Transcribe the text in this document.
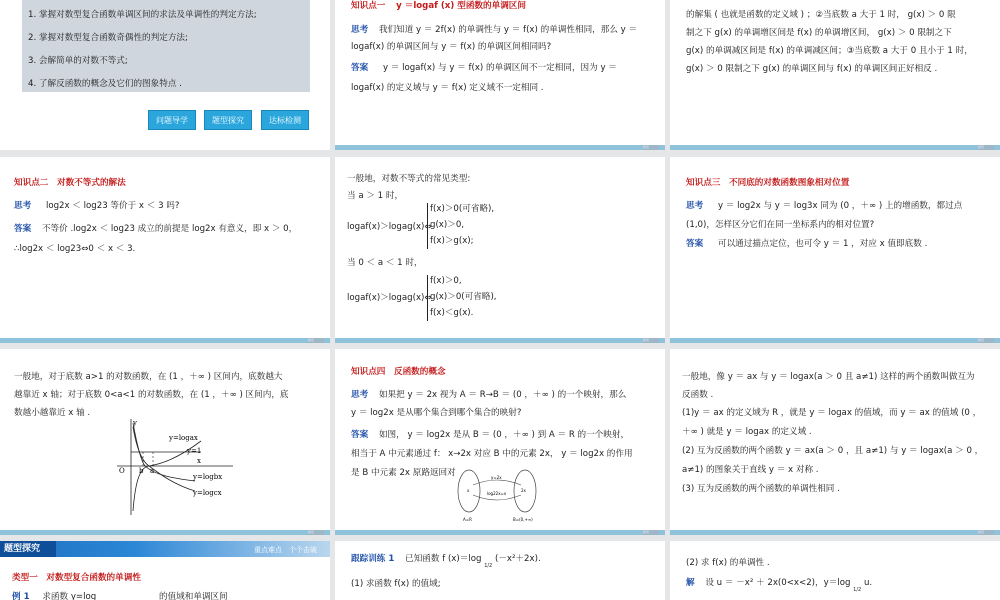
1. 掌握对数型复合函数单调区间的求法及单调性的判定方法;
2. 掌握对数型复合函数奇偶性的判定方法;
3. 会解简单的对数不等式;
4. 了解反函数的概念及它们的图象特点 .
问题导学	题型探究	达标检测
知识点一 y ＝logaf (x) 型函数的单调区间
思考 我们知道 y ＝ 2f(x) 的单调性与 y ＝ f(x) 的单调性相同，那么 y ＝
logaf(x) 的单调区间与 y ＝ f(x) 的单调区间相同吗?
答案 y ＝ logaf(x) 与 y ＝ f(x) 的单调区间不一定相同，因为 y ＝
logaf(x) 的定义域与 y ＝ f(x) 定义域不一定相同 .
首页
的解集 ( 也就是函数的定义域 ) ；②当底数 a 大于 1 时， g(x) ＞ 0 限
制之下 g(x) 的单调增区间是 f(x) 的单调增区间， g(x) ＞ 0 限制之下
g(x) 的单调减区间是 f(x) 的单调减区间；③当底数 a 大于 0 且小于 1 时，
g(x) ＞ 0 限制之下 g(x) 的单调区间与 f(x) 的单调区间正好相反 .
首页
知识点二　对数不等式的解法
思考 log2x ＜ log23 等价于 x ＜ 3 吗?
答案 不等价 .log2x ＜ log23 成立的前提是 log2x 有意义，即 x ＞ 0，
∴log2x ＜ log23⇔0 ＜ x ＜ 3.
首页
一般地，对数不等式的常见类型:
当 a ＞ 1 时，
logaf(x)＞logag(x)⇔
f(x)＞0(可省略),
g(x)＞0,
f(x)＞g(x);
当 0 ＜ a ＜ 1 时，
logaf(x)＞logag(x)⇔
f(x)＞0,
g(x)＞0(可省略),
f(x)＜g(x).
首页
知识点三　不同底的对数函数图象相对位置
思考 y ＝ log2x 与 y ＝ log3x 同为 (0 ，＋∞ ) 上的增函数，都过点
(1,0)，怎样区分它们在同一坐标系内的相对位置?
答案 可以通过描点定位，也可令 y ＝ 1 ，对应 x 值即底数 .
首页
一般地，对于底数 a>1 的对数函数，在 (1 ，＋∞ ) 区间内，底数越大
越靠近 x 轴；对于底数 0<a<1 的对数函数，在 (1 ，＋∞ ) 区间内，底
数越小越靠近 x 轴 .
y=logax
y=1
x
y=logbx
y=logcx
O b a
y
首页
知识点四　反函数的概念
思考 如果把 y ＝ 2x 视为 A ＝ R→B ＝ (0 ，＋∞ ) 的一个映射，那么
y ＝ log2x 是从哪个集合到哪个集合的映射?
答案 如图， y ＝ log2x 是从 B ＝ (0 ，＋∞ ) 到 A ＝ R 的一个映射，
相当于 A 中元素通过 f： x→2x 对应 B 中的元素 2x， y ＝ log2x 的作用
是 B 中元素 2x 原路返回对	y=2x
log22x=x
x	2x
A=R	B=(0,+∞)
首页
一般地，像 y ＝ ax 与 y ＝ logax(a ＞ 0 且 a≠1) 这样的两个函数叫做互为
反函数 .
(1)y ＝ ax 的定义域为 R ，就是 y ＝ logax 的值域，而 y ＝ ax 的值域 (0 ，
＋∞ ) 就是 y ＝ logax 的定义域 .
(2) 互为反函数的两个函数 y ＝ ax(a ＞ 0 ，且 a≠1) 与 y ＝ logax(a ＞ 0 ，
a≠1) 的图象关于直线 y ＝ x 对称 .
(3) 互为反函数的两个函数的单调性相同 .
首页
题型探究	重点难点　个个击破
类型一　对数型复合函数的单调性
例 1 求函数 y=log	的值域和单调区间
跟踪训练 1 已知函数 f (x)＝log $_{1/2}$ (－x²＋2x).
(1) 求函数 f(x) 的值域;
(2) 求 f(x) 的单调性 .
解 设 u ＝ －x² ＋ 2x(0<x<2)，y＝log $_{1/2}$ u.
